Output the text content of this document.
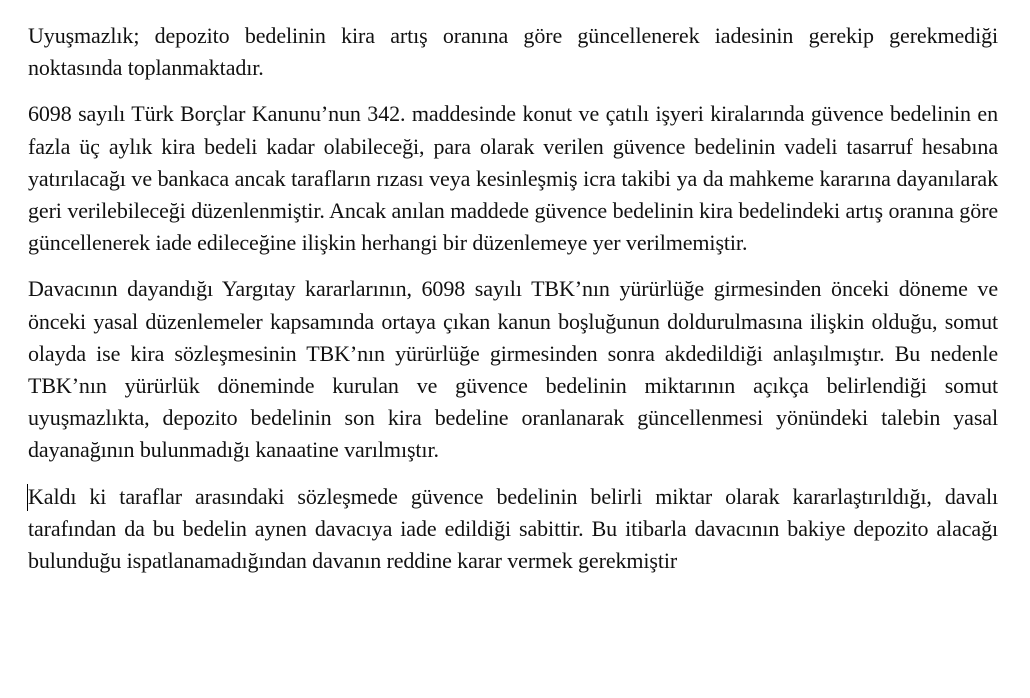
Uyuşmazlık; depozito bedelinin kira artış oranına göre güncellenerek iadesinin gerekip gerekmediği noktasında toplanmaktadır.

6098 sayılı Türk Borçlar Kanunu’nun 342. maddesinde konut ve çatılı işyeri kiralarında güvence bedelinin en fazla üç aylık kira bedeli kadar olabileceği, para olarak verilen güvence bedelinin vadeli tasarruf hesabına yatırılacağı ve bankaca ancak tarafların rızası veya kesinleşmiş icra takibi ya da mahkeme kararına dayanılarak geri verilebileceği düzenlenmiştir. Ancak anılan maddede güvence bedelinin kira bedelindeki artış oranına göre güncellenerek iade edileceğine ilişkin herhangi bir düzenlemeye yer verilmemiştir.

Davacının dayandığı Yargıtay kararlarının, 6098 sayılı TBK’nın yürürlüğe girmesinden önceki döneme ve önceki yasal düzenlemeler kapsamında ortaya çıkan kanun boşluğunun doldurulmasına ilişkin olduğu, somut olayda ise kira sözleşmesinin TBK’nın yürürlüğe girmesinden sonra akdedildiği anlaşılmıştır. Bu nedenle TBK’nın yürürlük döneminde kurulan ve güvence bedelinin miktarının açıkça belirlendiği somut uyuşmazlıkta, depozito bedelinin son kira bedeline oranlanarak güncellenmesi yönündeki talebin yasal dayanağının bulunmadığı kanaatine varılmıştır.

Kaldı ki taraflar arasındaki sözleşmede güvence bedelinin belirli miktar olarak kararlaştırıldığı, davalı tarafından da bu bedelin aynen davacıya iade edildiği sabittir. Bu itibarla davacının bakiye depozito alacağı bulunduğu ispatlanamadığından davanın reddine karar vermek gerekmiştir
